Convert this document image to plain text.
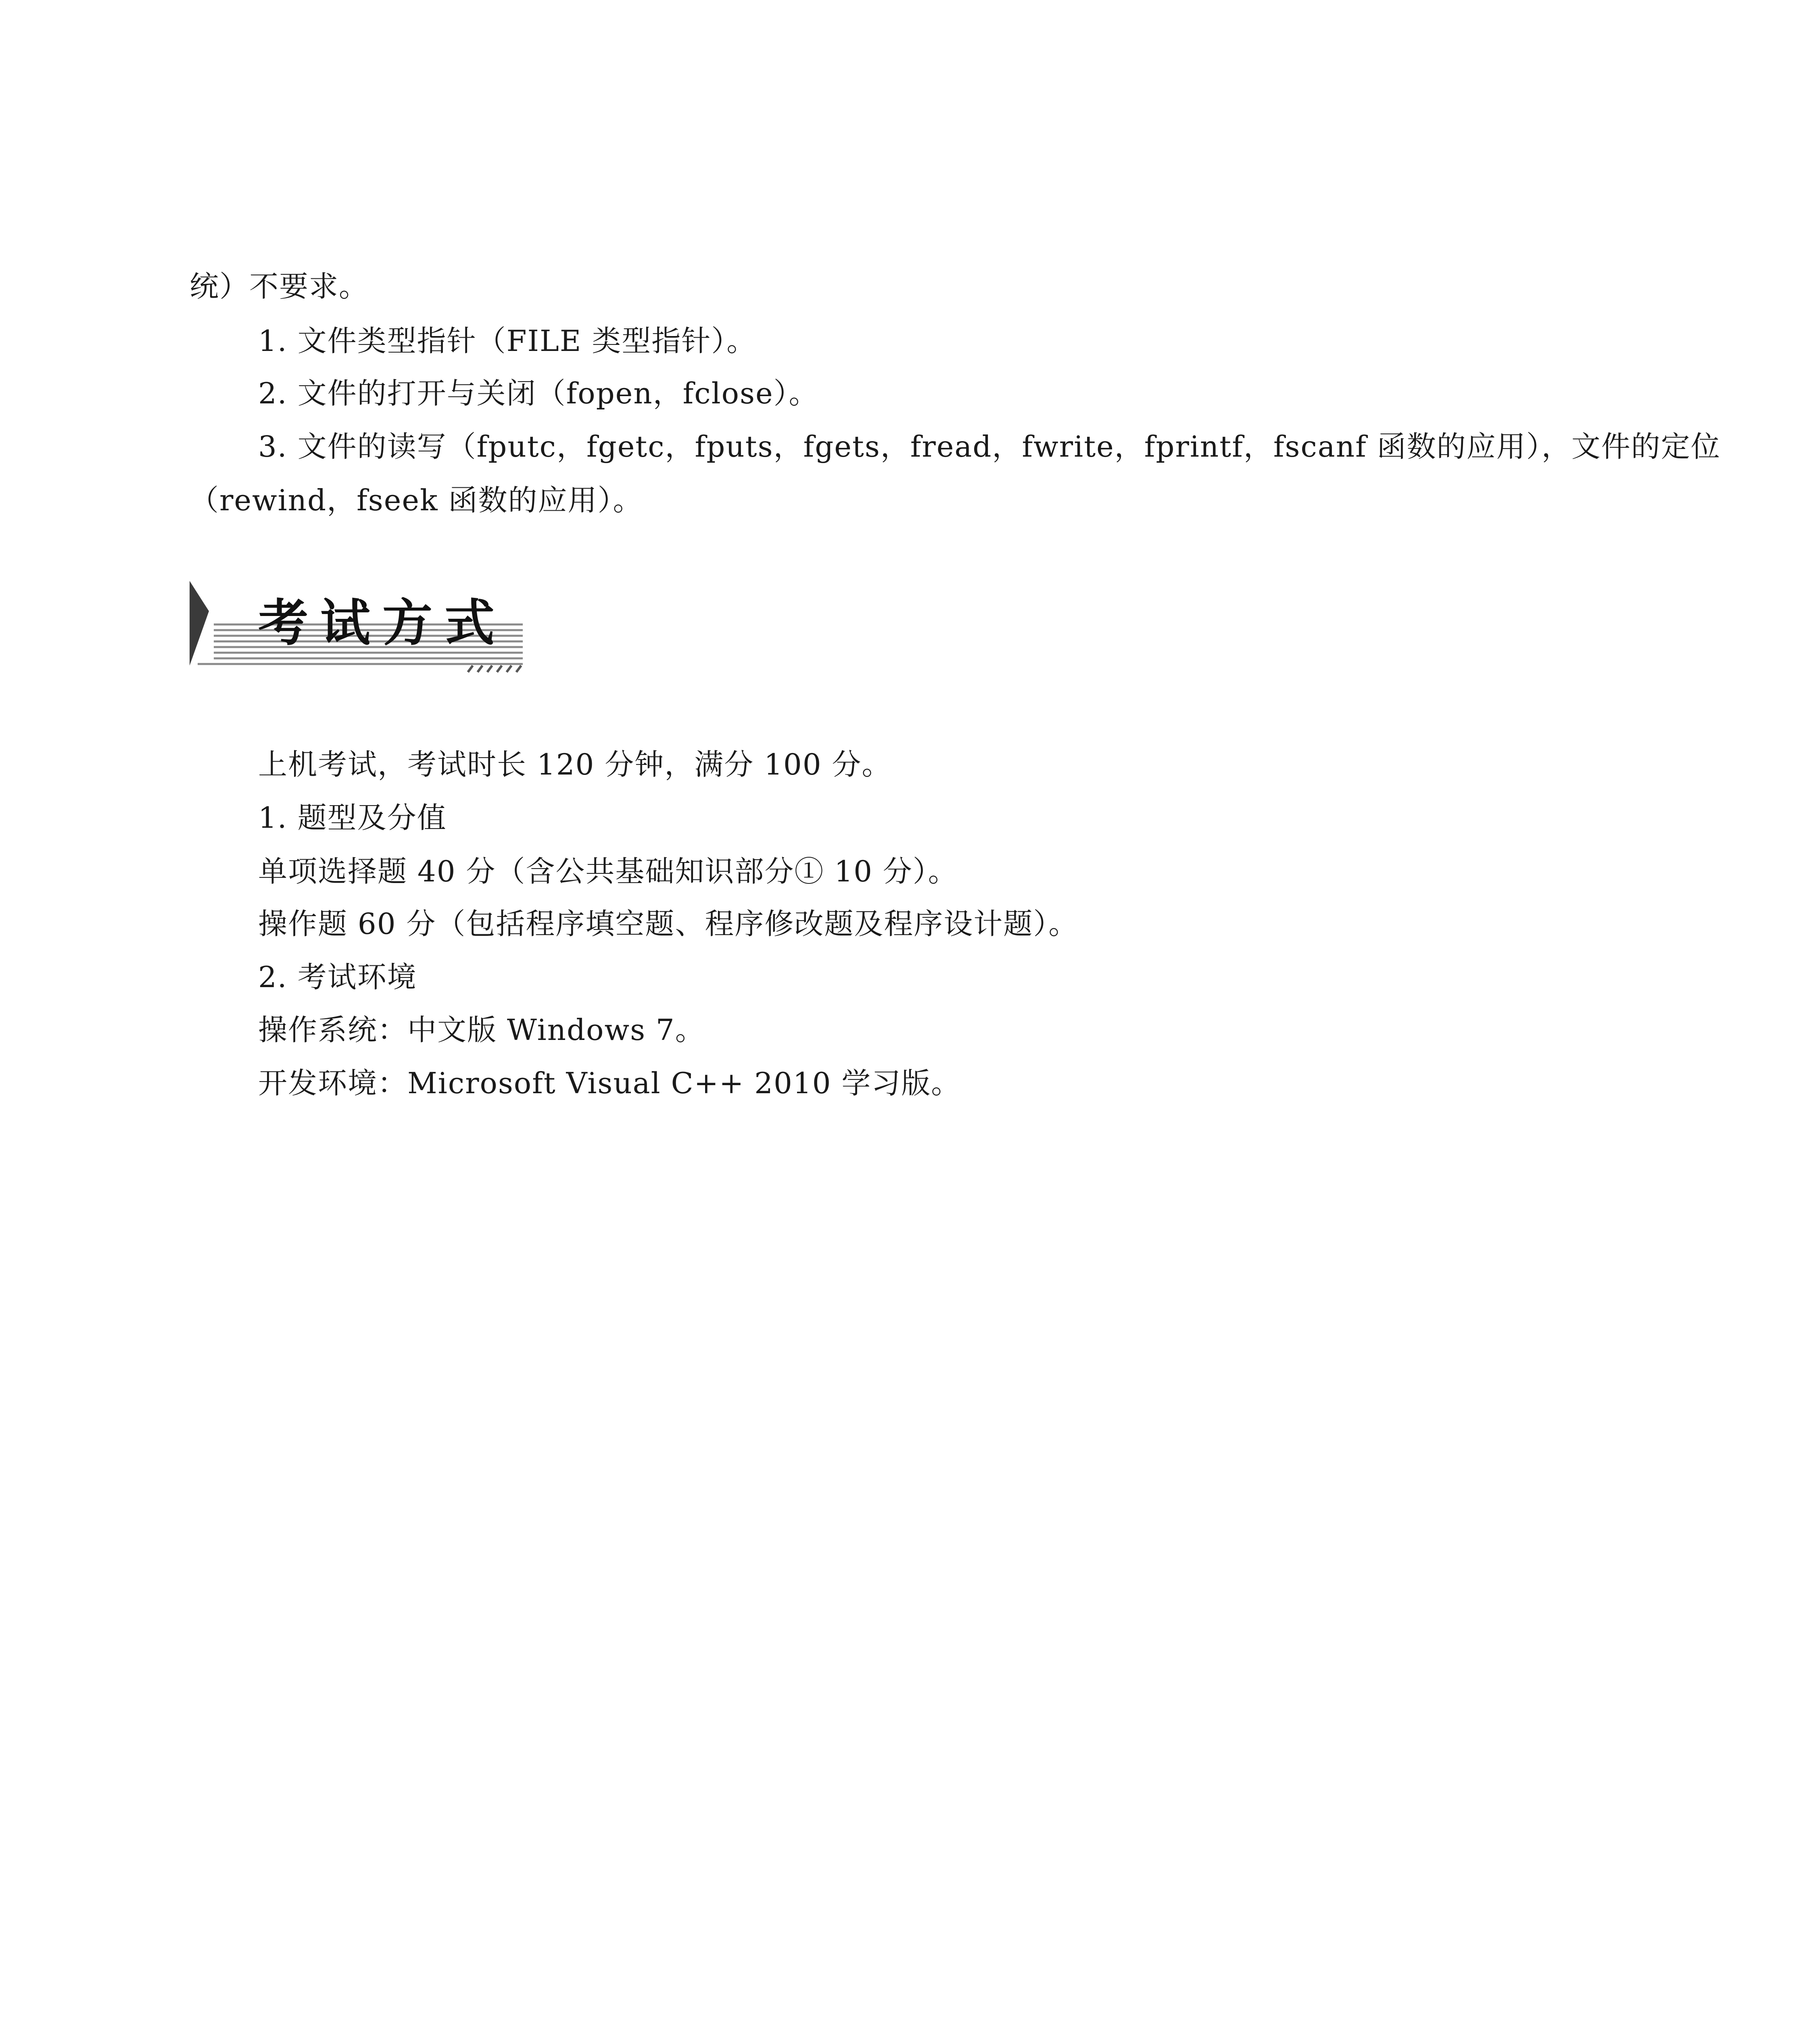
统）不要求。
1. 文件类型指针（FILE 类型指针）。
2. 文件的打开与关闭（fopen，fclose）。
3. 文件的读写（fputc，fgetc，fputs，fgets，fread，fwrite，fprintf，fscanf 函数的应用），文件的定位
（rewind，fseek 函数的应用）。
考试方式
上机考试，考试时长 120 分钟，满分 100 分。
1. 题型及分值
单项选择题 40 分（含公共基础知识部分① 10 分）。
操作题 60 分（包括程序填空题、程序修改题及程序设计题）。
2. 考试环境
操作系统：中文版 Windows 7。
开发环境：Microsoft Visual C++ 2010 学习版。
